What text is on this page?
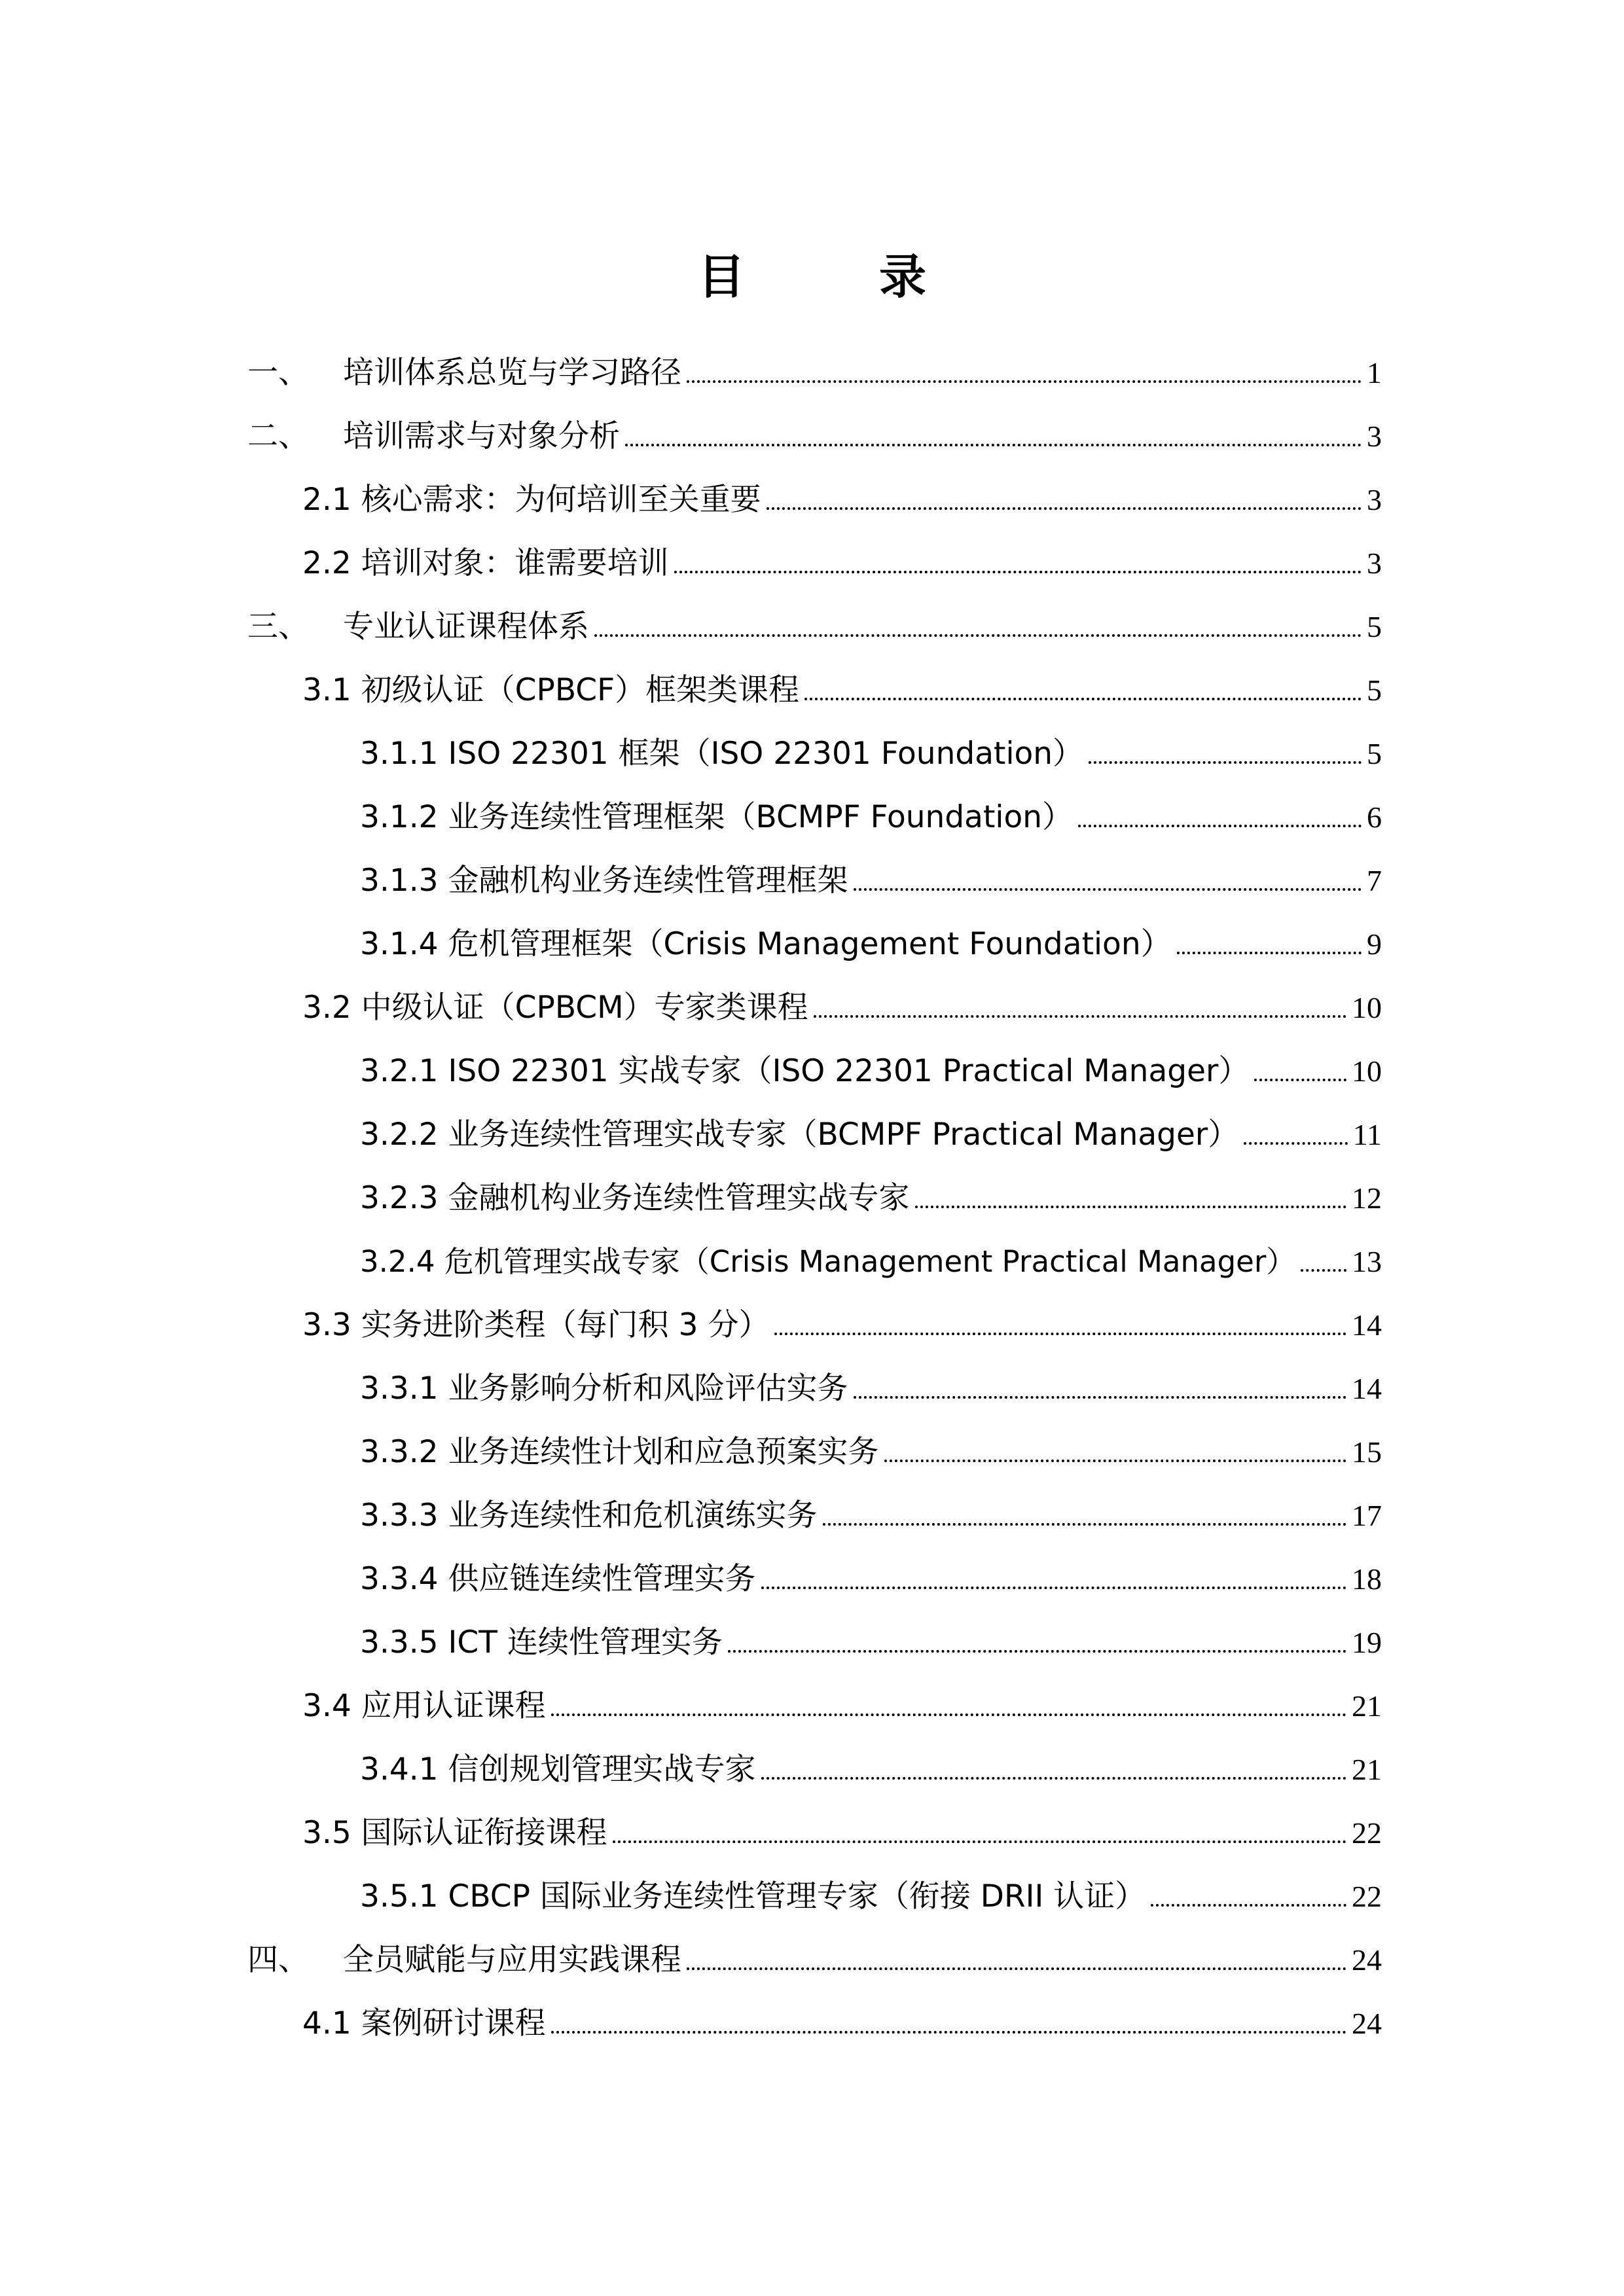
目 录
一、 培训体系总览与学习路径	1
二、 培训需求与对象分析	3
2.1 核心需求：为何培训至关重要	3
2.2 培训对象：谁需要培训	3
三、 专业认证课程体系	5
3.1 初级认证（CPBCF）框架类课程	5
3.1.1 ISO 22301 框架（ISO 22301 Foundation）	5
3.1.2 业务连续性管理框架（BCMPF Foundation）	6
3.1.3 金融机构业务连续性管理框架	7
3.1.4 危机管理框架（Crisis Management Foundation）	9
3.2 中级认证（CPBCM）专家类课程	10
3.2.1 ISO 22301 实战专家（ISO 22301 Practical Manager）	10
3.2.2 业务连续性管理实战专家（BCMPF Practical Manager）	11
3.2.3 金融机构业务连续性管理实战专家	12
3.2.4 危机管理实战专家（Crisis Management Practical Manager） 13
3.3 实务进阶类程（每门积 3 分）	14
3.3.1 业务影响分析和风险评估实务	14
3.3.2 业务连续性计划和应急预案实务	15
3.3.3 业务连续性和危机演练实务	17
3.3.4 供应链连续性管理实务	18
3.3.5 ICT 连续性管理实务	19
3.4 应用认证课程	21
3.4.1 信创规划管理实战专家	21
3.5 国际认证衔接课程	22
3.5.1 CBCP 国际业务连续性管理专家（衔接 DRII 认证）	22
四、 全员赋能与应用实践课程	24
4.1 案例研讨课程	24
